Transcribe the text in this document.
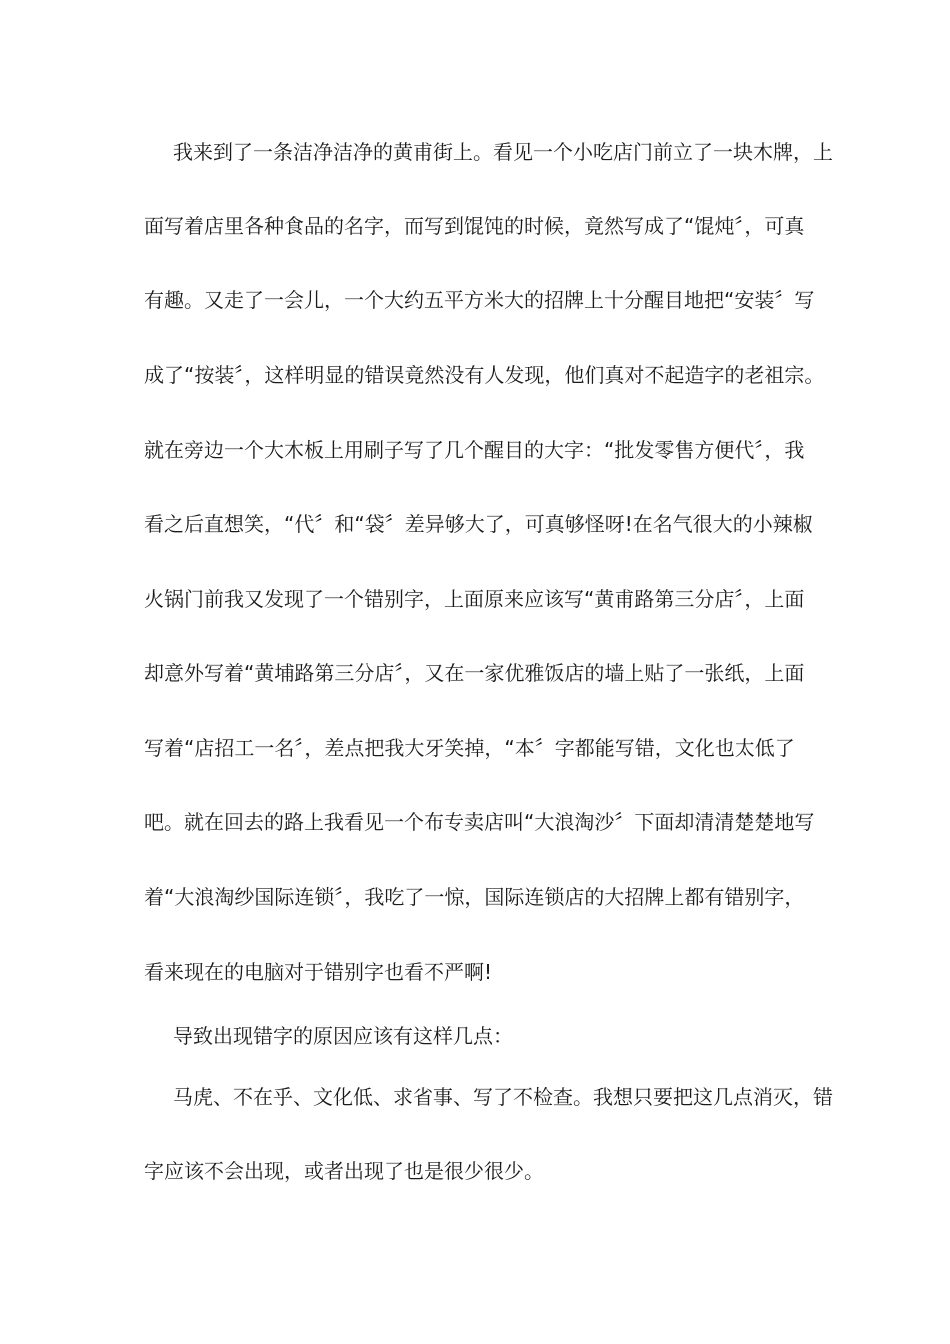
我来到了一条洁净洁净的黄甫街上。看见一个小吃店门前立了一块木牌，上
面写着店里各种食品的名字，而写到馄饨的时候，竟然写成了“馄炖〞，可真
有趣。又走了一会儿，一个大约五平方米大的招牌上十分醒目地把“安装〞写
成了“按装〞，这样明显的错误竟然没有人发现，他们真对不起造字的老祖宗。
就在旁边一个大木板上用刷子写了几个醒目的大字：“批发零售方便代〞，我
看之后直想笑，“代〞和“袋〞差异够大了，可真够怪呀!在名气很大的小辣椒
火锅门前我又发现了一个错别字，上面原来应该写“黄甫路第三分店〞，上面
却意外写着“黄埔路第三分店〞，又在一家优雅饭店的墙上贴了一张纸，上面
写着“店招工一名〞，差点把我大牙笑掉，“本〞字都能写错，文化也太低了
吧。就在回去的路上我看见一个布专卖店叫“大浪淘沙〞下面却清清楚楚地写
着“大浪淘纱国际连锁〞，我吃了一惊，国际连锁店的大招牌上都有错别字，
看来现在的电脑对于错别字也看不严啊!
导致出现错字的原因应该有这样几点：
马虎、不在乎、文化低、求省事、写了不检查。我想只要把这几点消灭，错
字应该不会出现，或者出现了也是很少很少。
